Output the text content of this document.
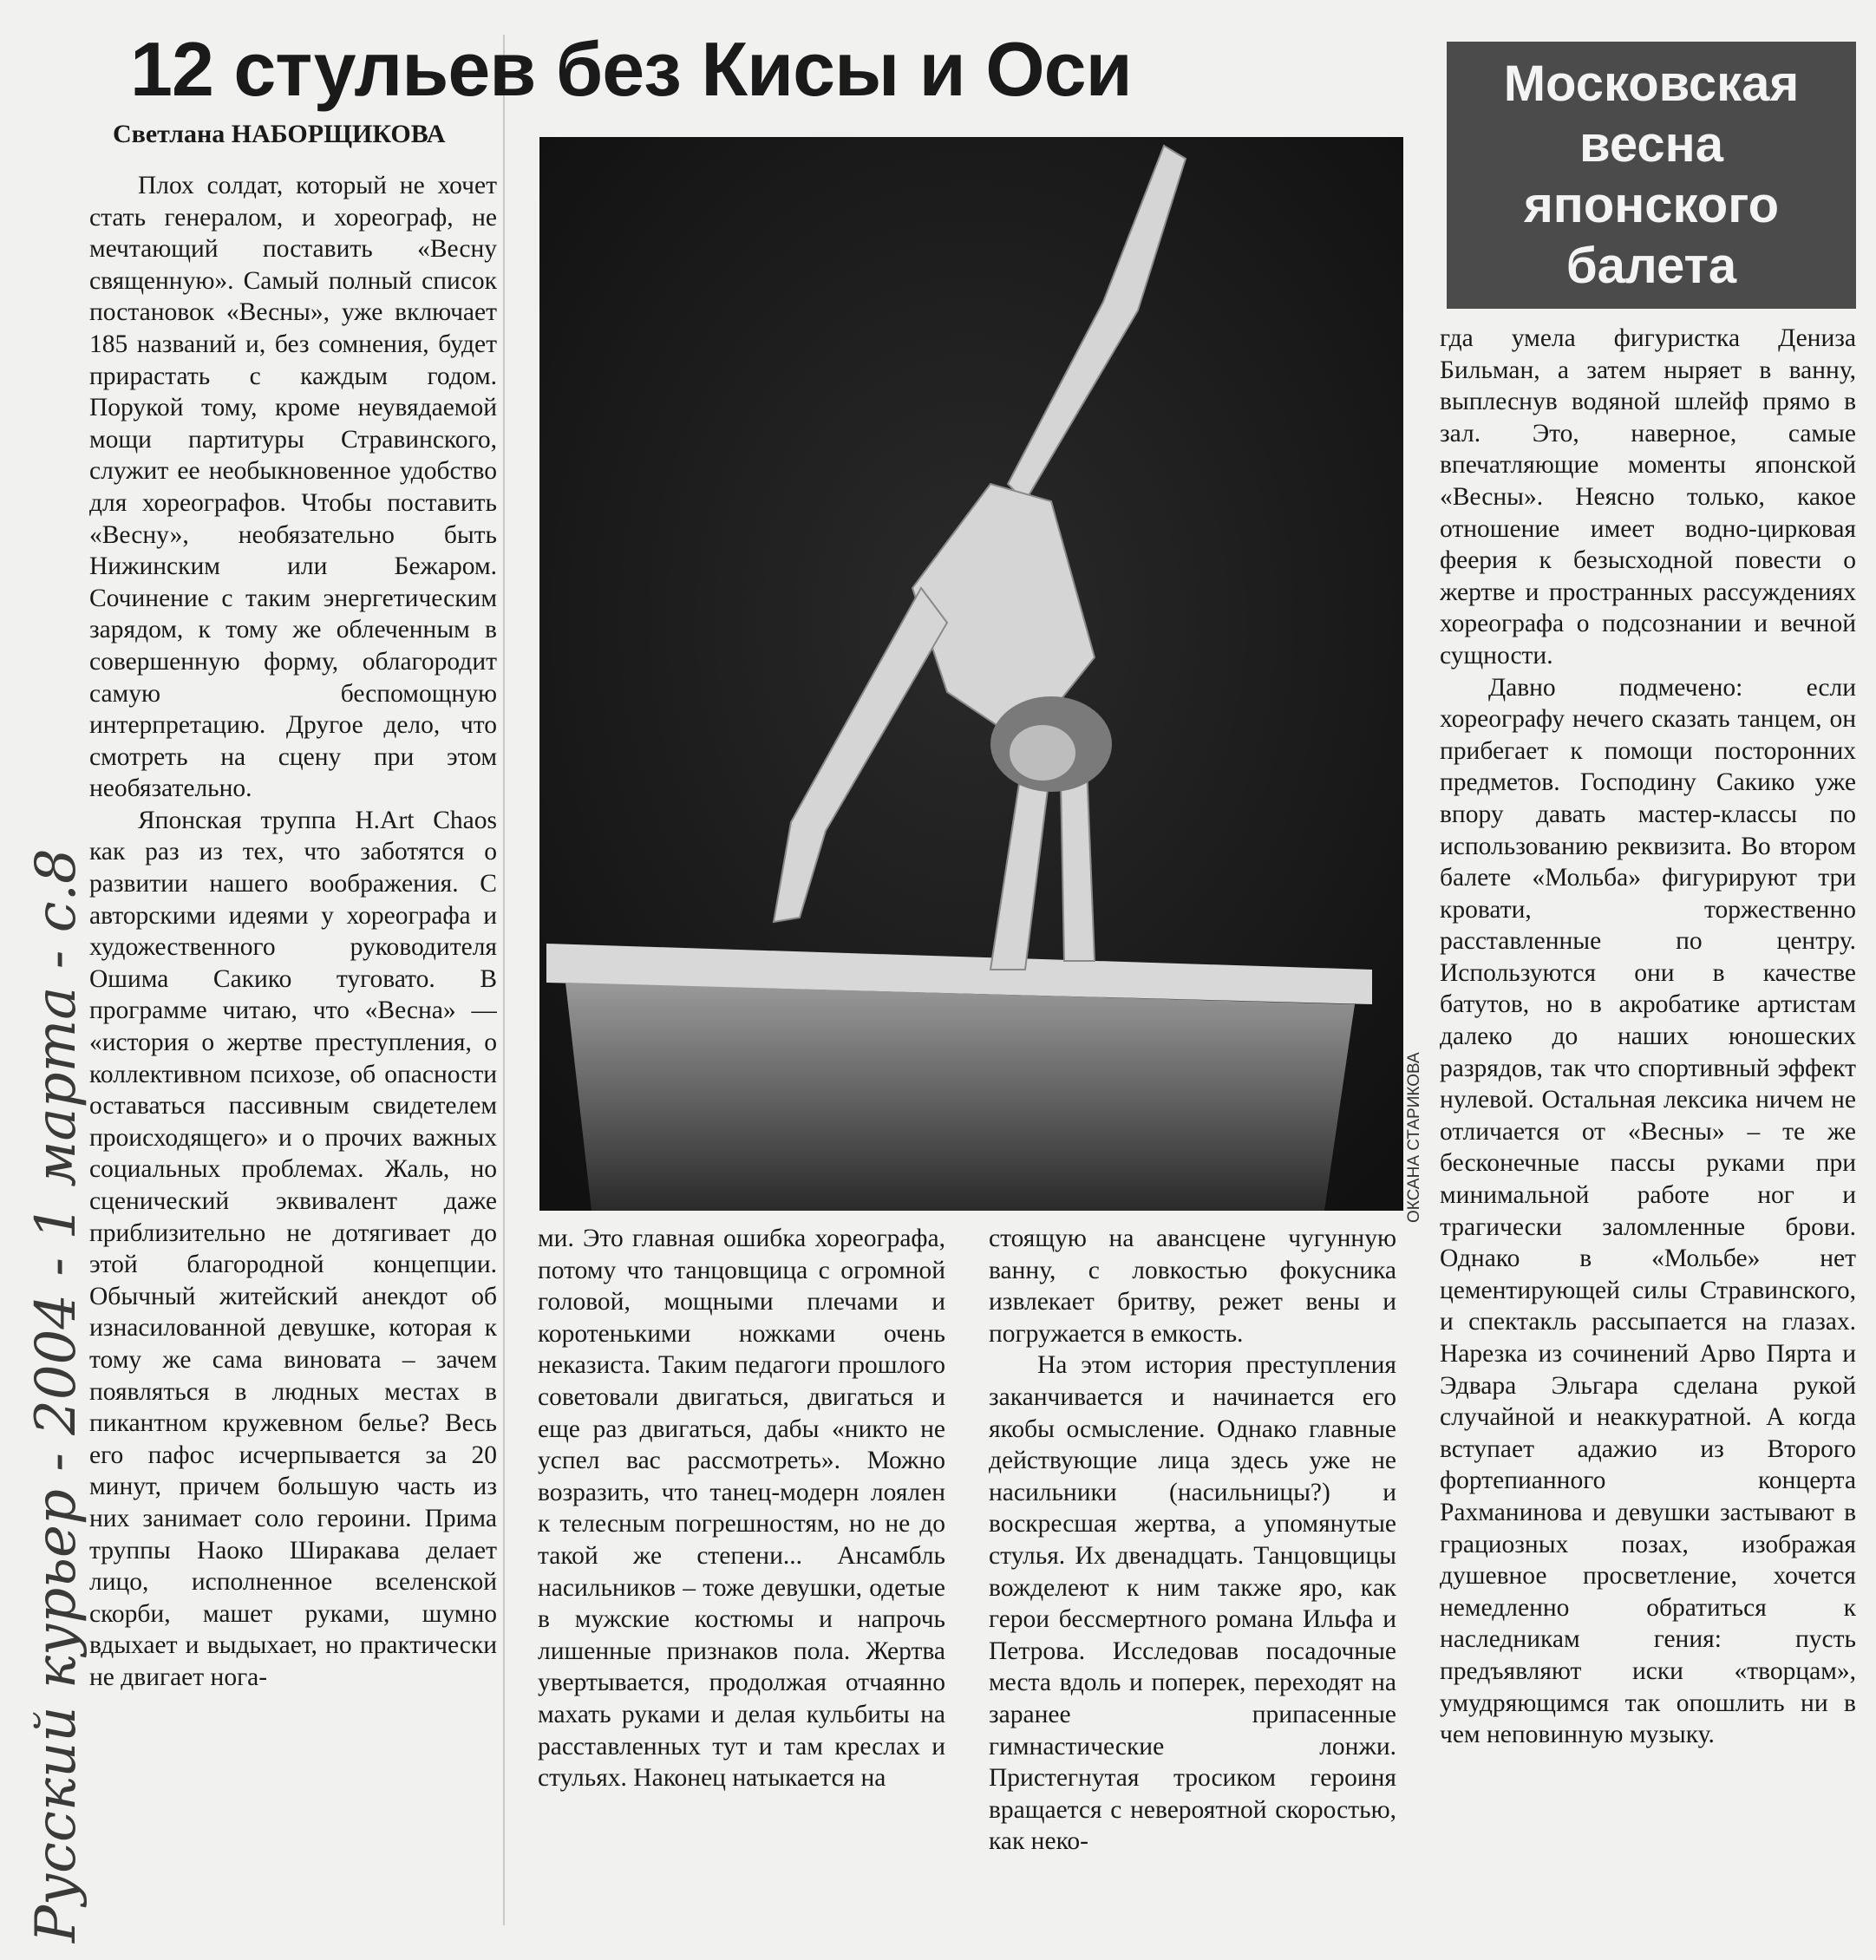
12 стульев без Кисы и Оси
Светлана НАБОРЩИКОВА
Московская
весна
японского
балета
ОКСАНА СТАРИКОВА
Русский курьер - 2004 - 1 марта - с.8

Плох солдат, который не хочет стать генералом, и хореограф, не мечтающий поставить «Весну священную». Самый полный список постановок «Весны», уже включает 185 названий и, без сомнения, будет прирастать с каждым годом. Порукой тому, кроме неувядаемой мощи партитуры Стравинского, служит ее необыкновенное удобство для хореографов. Чтобы поставить «Весну», необязательно быть Нижинским или Бежаром. Сочинение с таким энергетическим зарядом, к тому же облеченным в совершенную форму, облагородит самую беспомощную интерпретацию. Другое дело, что смотреть на сцену при этом необязательно.

Японская труппа H.Art Chaos как раз из тех, что заботятся о развитии нашего воображения. С авторскими идеями у хореографа и художественного руководителя Ошима Сакико туговато. В программе читаю, что «Весна» — «история о жертве преступления, о коллективном психозе, об опасности оставаться пассивным свидетелем происходящего» и о прочих важных социальных проблемах. Жаль, но сценический эквивалент даже приблизительно не дотягивает до этой благородной концепции. Обычный житейский анекдот об изнасилованной девушке, которая к тому же сама виновата – зачем появляться в людных местах в пикантном кружевном белье? Весь его пафос исчерпывается за 20 минут, причем большую часть из них занимает соло героини. Прима труппы Наоко Ширакава делает лицо, исполненное вселенской скорби, машет руками, шумно вдыхает и выдыхает, но практически не двигает нога-

ми. Это главная ошибка хореографа, потому что танцовщица с огромной головой, мощными плечами и коротенькими ножками очень неказиста. Таким педагоги прошлого советовали двигаться, двигаться и еще раз двигаться, дабы «никто не успел вас рассмотреть». Можно возразить, что танец-модерн лоялен к телесным погрешностям, но не до такой же степени... Ансамбль насильников – тоже девушки, одетые в мужские костюмы и напрочь лишенные признаков пола. Жертва увертывается, продолжая отчаянно махать руками и делая кульбиты на расставленных тут и там креслах и стульях. Наконец натыкается на

стоящую на авансцене чугунную ванну, с ловкостью фокусника извлекает бритву, режет вены и погружается в емкость.

На этом история преступления заканчивается и начинается его якобы осмысление. Однако главные действующие лица здесь уже не насильники (насильницы?) и воскресшая жертва, а упомянутые стулья. Их двенадцать. Танцовщицы вожделеют к ним также яро, как герои бессмертного романа Ильфа и Петрова. Исследовав посадочные места вдоль и поперек, переходят на заранее припасенные гимнастические лонжи. Пристегнутая тросиком героиня вращается с невероятной скоростью, как неко-

гда умела фигуристка Дениза Бильман, а затем ныряет в ванну, выплеснув водяной шлейф прямо в зал. Это, наверное, самые впечатляющие моменты японской «Весны». Неясно только, какое отношение имеет водно-цирковая феерия к безысходной повести о жертве и пространных рассуждениях хореографа о подсознании и вечной сущности.

Давно подмечено: если хореографу нечего сказать танцем, он прибегает к помощи посторонних предметов. Господину Сакико уже впору давать мастер-классы по использованию реквизита. Во втором балете «Мольба» фигурируют три кровати, торжественно расставленные по центру. Используются они в качестве батутов, но в акробатике артистам далеко до наших юношеских разрядов, так что спортивный эффект нулевой. Остальная лексика ничем не отличается от «Весны» – те же бесконечные пассы руками при минимальной работе ног и трагически заломленные брови. Однако в «Мольбе» нет цементирующей силы Стравинского, и спектакль рассыпается на глазах. Нарезка из сочинений Арво Пярта и Эдвара Эльгара сделана рукой случайной и неаккуратной. А когда вступает адажио из Второго фортепианного концерта Рахманинова и девушки застывают в грациозных позах, изображая душевное просветление, хочется немедленно обратиться к наследникам гения: пусть предъявляют иски «творцам», умудряющимся так опошлить ни в чем неповинную музыку.
